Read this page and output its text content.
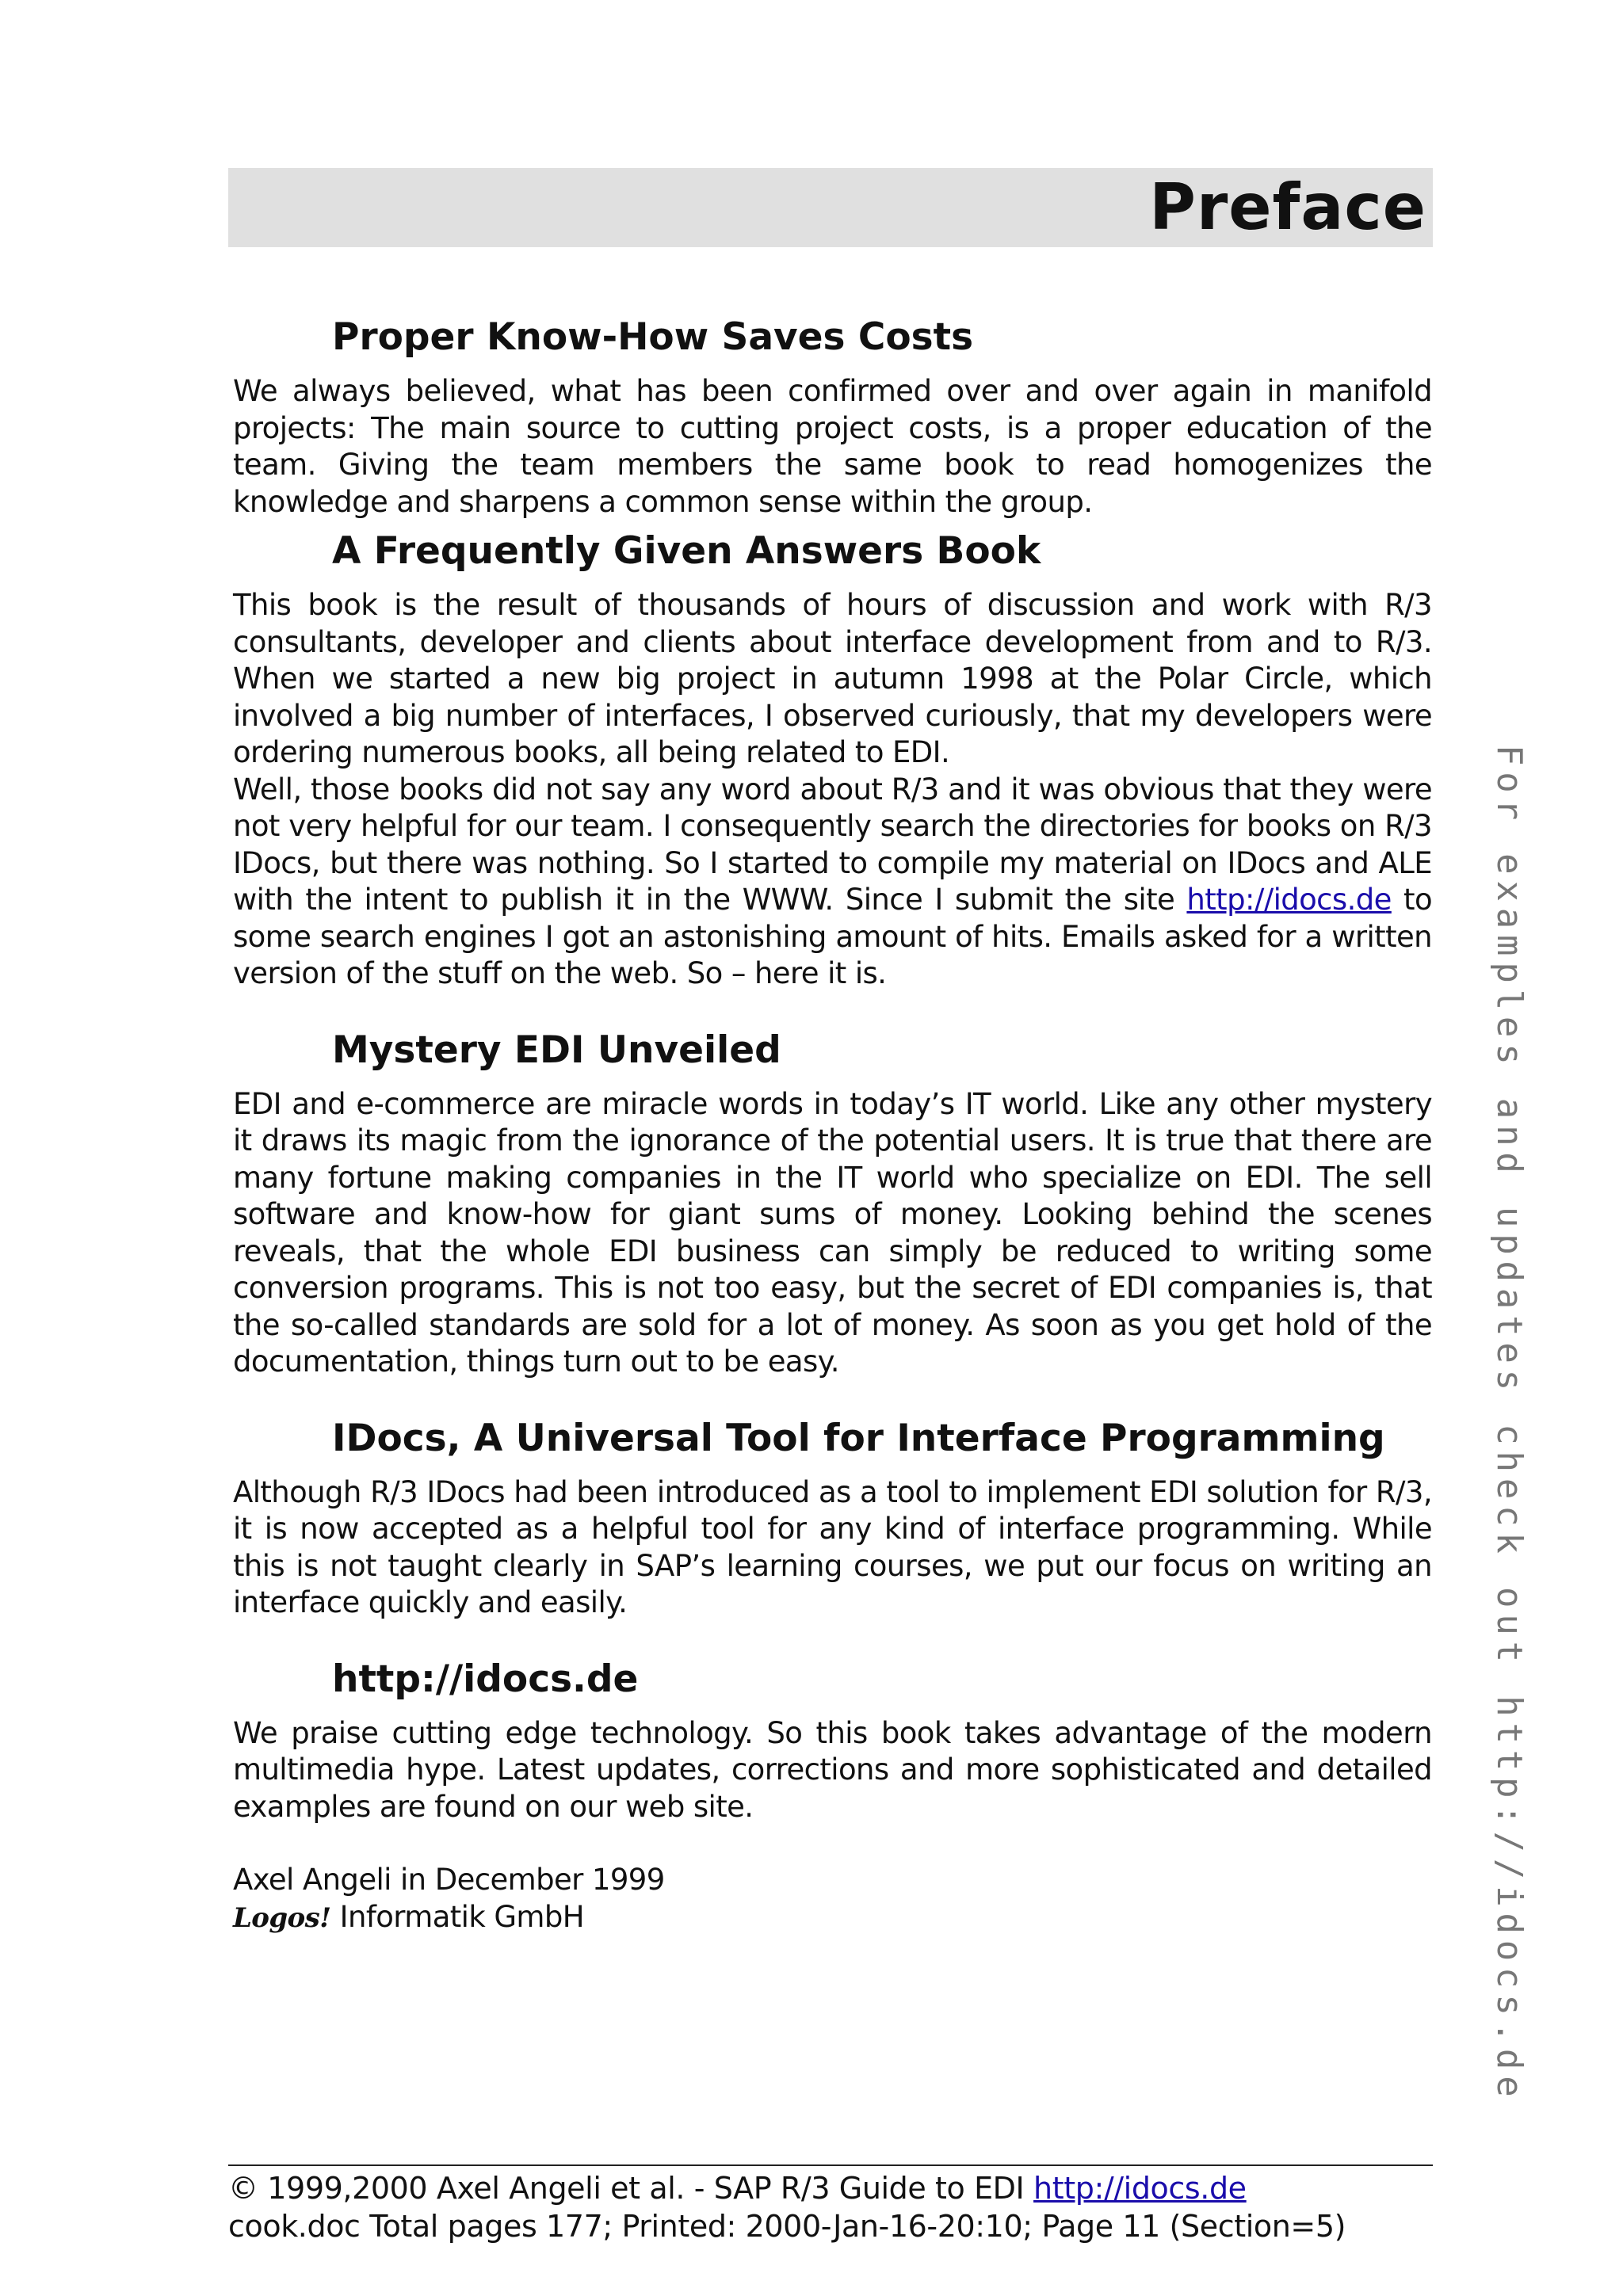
Preface
Proper Know-How Saves Costs

We always believed, what has been confirmed over and over again in manifold projects: The main source to cutting project costs, is a proper education of the team. Giving the team members the same book to read homogenizes the knowledge and sharpens a common sense within the group.

A Frequently Given Answers Book

This book is the result of thousands of hours of discussion and work with R/3 consultants, developer and clients about interface development from and to R/3. When we started a new big project in autumn 1998 at the Polar Circle, which involved a big number of interfaces, I observed curiously, that my developers were ordering numerous books, all being related to EDI.

Well, those books did not say any word about R/3 and it was obvious that they were not very helpful for our team. I consequently search the directories for books on R/3 IDocs, but there was nothing. So I started to compile my material on IDocs and ALE with the intent to publish it in the WWW. Since I submit the site http://idocs.de to some search engines I got an astonishing amount of hits. Emails asked for a written version of the stuff on the web. So – here it is.

Mystery EDI Unveiled

EDI and e-commerce are miracle words in today’s IT world. Like any other mystery it draws its magic from the ignorance of the potential users. It is true that there are many fortune making companies in the IT world who specialize on EDI. The sell software and know-how for giant sums of money. Looking behind the scenes reveals, that the whole EDI business can simply be reduced to writing some conversion programs. This is not too easy, but the secret of EDI companies is, that the so-called standards are sold for a lot of money. As soon as you get hold of the documentation, things turn out to be easy.

IDocs, A Universal Tool for Interface Programming

Although R/3 IDocs had been introduced as a tool to implement EDI solution for R/3, it is now accepted as a helpful tool for any kind of interface programming. While this is not taught clearly in SAP’s learning courses, we put our focus on writing an interface quickly and easily.

http://idocs.de

We praise cutting edge technology. So this book takes advantage of the modern multimedia hype. Latest updates, corrections and more sophisticated and detailed examples are found on our web site.

Axel Angeli in December 1999

Logos! Informatik GmbH	For examples and updates check out http://idocs.de

© 1999,2000 Axel Angeli et al. - SAP R/3 Guide to EDI http://idocs.de

cook.doc Total pages 177; Printed: 2000-Jan-16-20:10; Page 11 (Section=5)
